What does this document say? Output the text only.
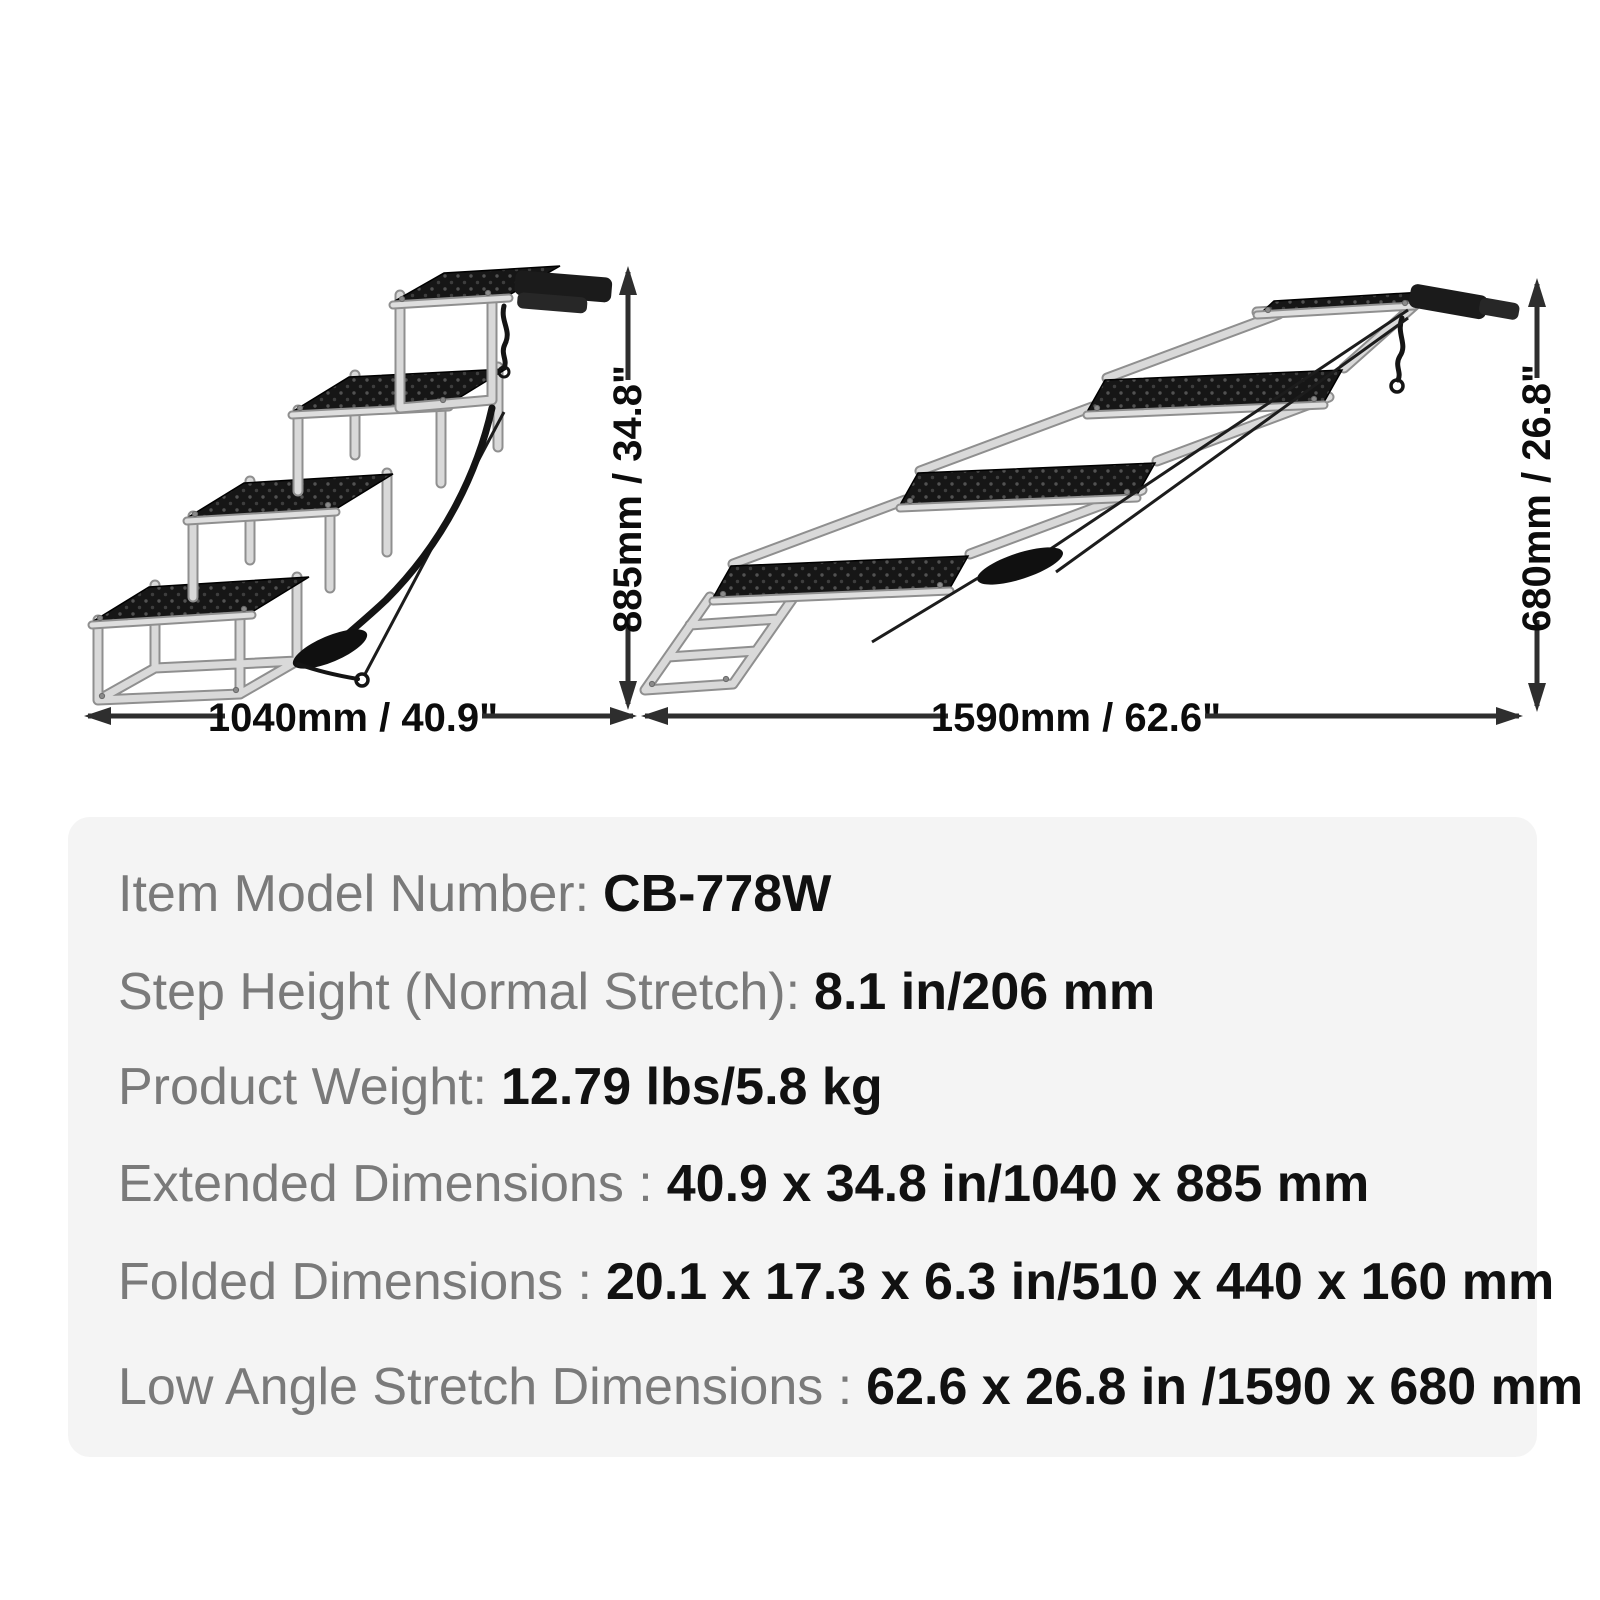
885mm / 34.8"
1040mm / 40.9"
680mm / 26.8"
1590mm / 62.6"
Item Model Number: CB-778W
Step Height (Normal Stretch): 8.1 in/206 mm
Product Weight: 12.79 lbs/5.8 kg
Extended Dimensions : 40.9 x 34.8 in/1040 x 885 mm
Folded Dimensions : 20.1 x 17.3 x 6.3 in/510 x 440 x 160 mm
Low Angle Stretch Dimensions : 62.6 x 26.8 in /1590 x 680 mm
